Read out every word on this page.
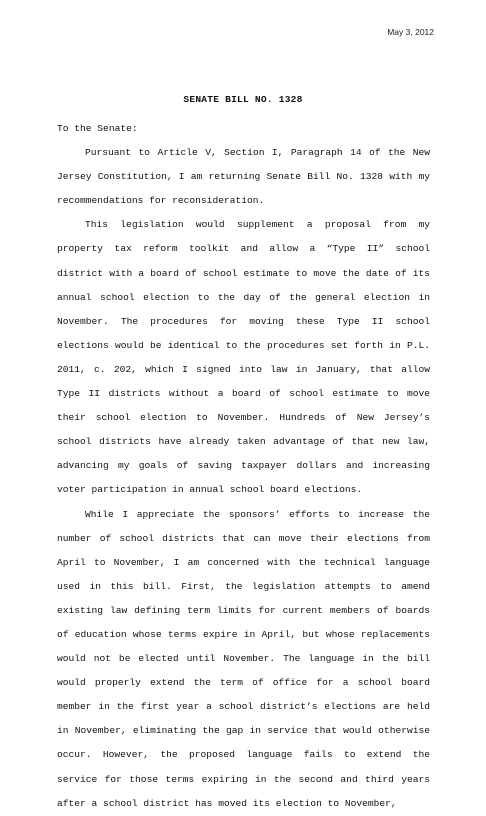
May 3, 2012
SENATE BILL NO. 1328

To the Senate:

Pursuant to Article V, Section I, Paragraph 14 of the New Jersey Constitution, I am returning Senate Bill No. 1328 with my recommendations for reconsideration.

This legislation would supplement a proposal from my property tax reform toolkit and allow a “Type II” school district with a board of school estimate to move the date of its annual school election to the day of the general election in November. The procedures for moving these Type II school elections would be identical to the procedures set forth in P.L. 2011, c. 202, which I signed into law in January, that allow Type II districts without a board of school estimate to move their school election to November. Hundreds of New Jersey’s school districts have already taken advantage of that new law, advancing my goals of saving taxpayer dollars and increasing voter participation in annual school board elections.

While I appreciate the sponsors’ efforts to increase the number of school districts that can move their elections from April to November, I am concerned with the technical language used in this bill. First, the legislation attempts to amend existing law defining term limits for current members of boards of education whose terms expire in April, but whose replacements would not be elected until November. The language in the bill would properly extend the term of office for a school board member in the first year a school district’s elections are held in November, eliminating the gap in service that would otherwise occur. However, the proposed language fails to extend the service for those terms expiring in the second and third years after a school district has moved its election to November,
